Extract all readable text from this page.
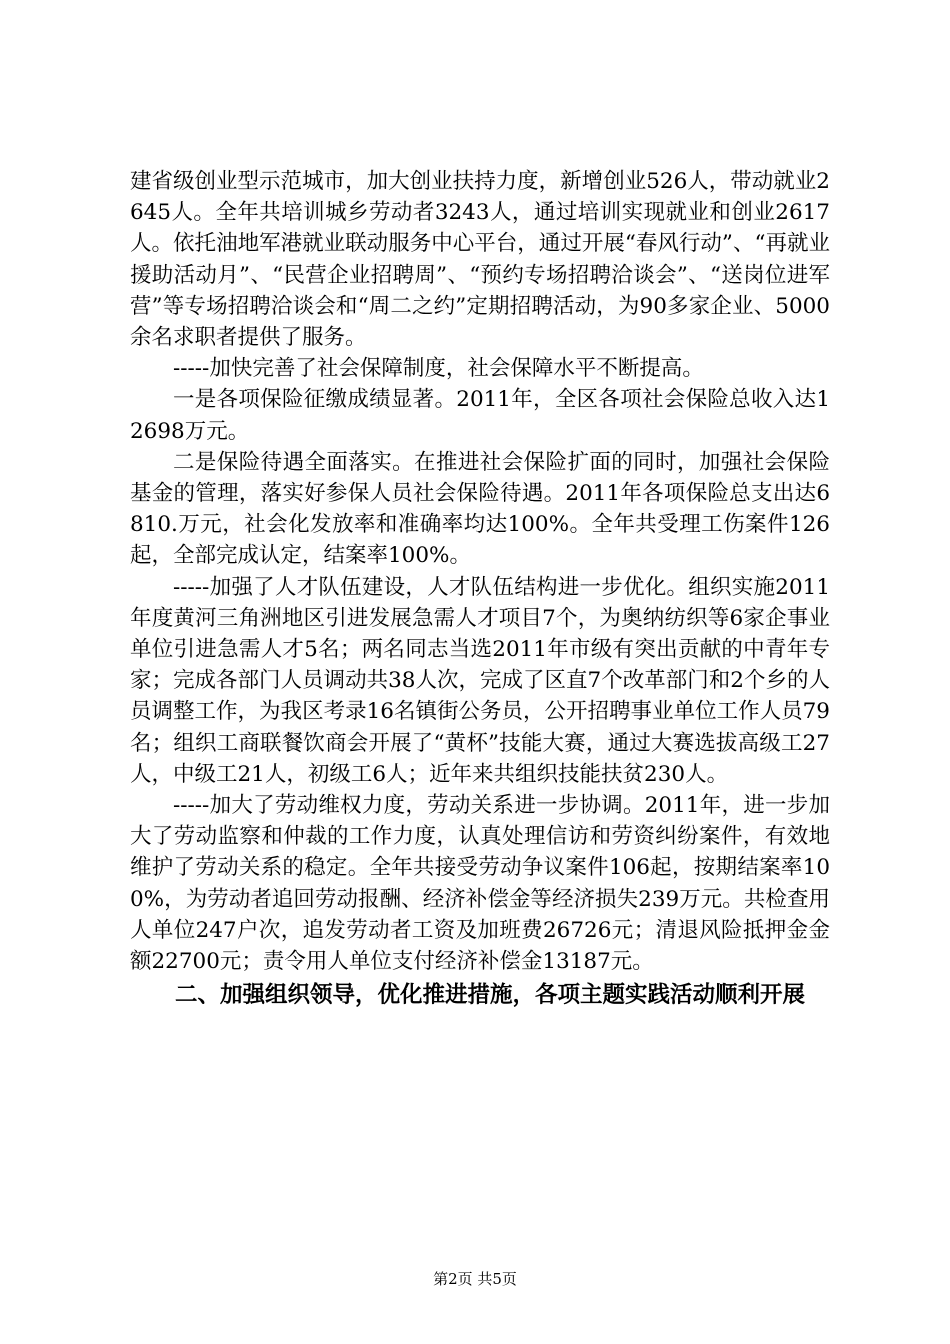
建省级创业型示范城市，加大创业扶持力度，新增创业526人，带动就业2645人。全年共培训城乡劳动者3243人，通过培训实现就业和创业2617人。依托油地军港就业联动服务中心平台，通过开展“春风行动”、“再就业援助活动月”、“民营企业招聘周”、“预约专场招聘洽谈会”、“送岗位进军营”等专场招聘洽谈会和“周二之约”定期招聘活动，为90多家企业、5000余名求职者提供了服务。

-----加快完善了社会保障制度，社会保障水平不断提高。

一是各项保险征缴成绩显著。2011年，全区各项社会保险总收入达12698万元。

二是保险待遇全面落实。在推进社会保险扩面的同时，加强社会保险基金的管理，落实好参保人员社会保险待遇。2011年各项保险总支出达6810.万元，社会化发放率和准确率均达100%。全年共受理工伤案件126起，全部完成认定，结案率100%。

-----加强了人才队伍建设，人才队伍结构进一步优化。组织实施2011年度黄河三角洲地区引进发展急需人才项目7个，为奥纳纺织等6家企事业单位引进急需人才5名；两名同志当选2011年市级有突出贡献的中青年专家；完成各部门人员调动共38人次，完成了区直7个改革部门和2个乡的人员调整工作，为我区考录16名镇街公务员，公开招聘事业单位工作人员79名；组织工商联餐饮商会开展了“黄杯”技能大赛，通过大赛选拔高级工27人，中级工21人，初级工6人；近年来共组织技能扶贫230人。

-----加大了劳动维权力度，劳动关系进一步协调。2011年，进一步加大了劳动监察和仲裁的工作力度，认真处理信访和劳资纠纷案件，有效地维护了劳动关系的稳定。全年共接受劳动争议案件106起，按期结案率100%，为劳动者追回劳动报酬、经济补偿金等经济损失239万元。共检查用人单位247户次，追发劳动者工资及加班费26726元；清退风险抵押金金额22700元；责令用人单位支付经济补偿金13187元。

二、加强组织领导，优化推进措施，各项主题实践活动顺利开展

第2页 共5页
